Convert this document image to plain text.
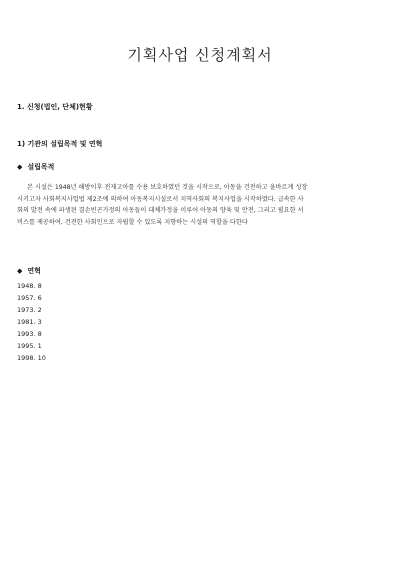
기획사업 신청계획서
1. 신청(법인, 단체)현황
1) 기관의 설립목적 및 연혁
◆ 설립목적
본 시설은 1948년 해방이후 전재고아를 수용 보호하였던 것을 시작으로, 아동을 건전하고 올바르게 성장
시키고자 사회복지사업법 제2조에 의하여 아동복지시설로서 지역사회의 복지사업을 시작하였다. 급속한 사
회의 발전 속에 파생된 결손빈곤가정의 아동들이 대체가정을 이루어 아동의 양육 및 안전, 그리고 필요한 서
비스를 제공하여, 건전한 사회인으로 자립할 수 있도록 지향하는 시설의 역할을 다한다
◆ 연혁
1948. 8
1957. 6
1973. 2
1981. 3
1993. 8
1995. 1
1998. 10
